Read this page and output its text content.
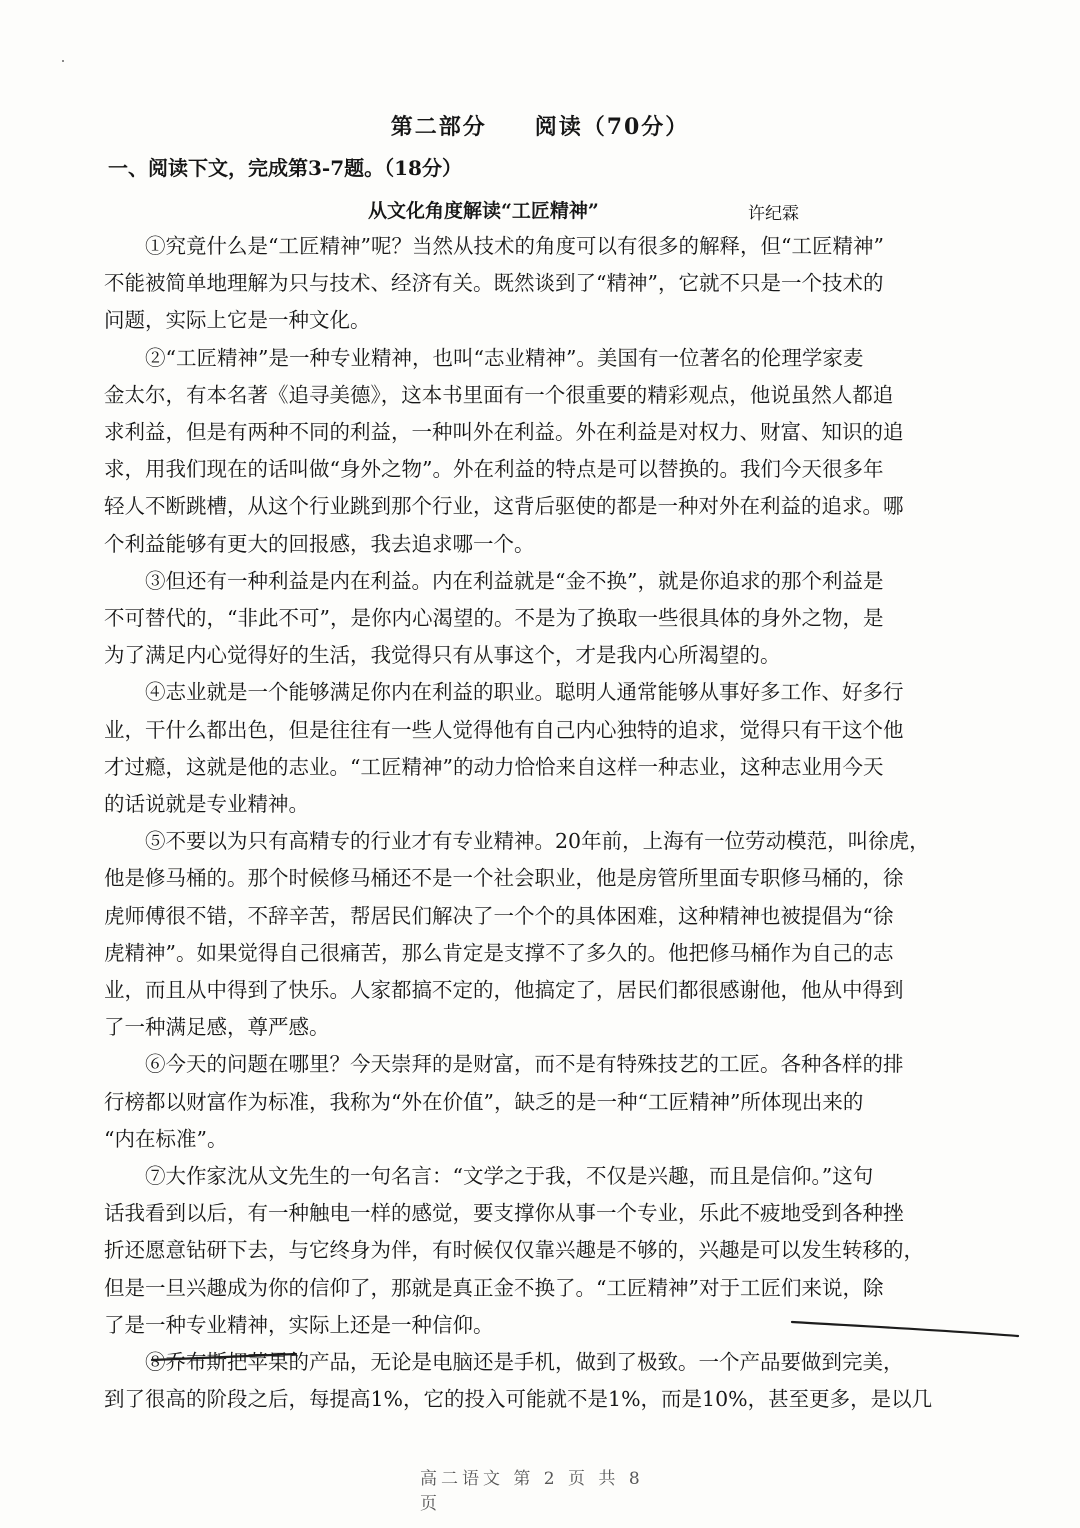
第二部分　　阅读（70分）
一、阅读下文，完成第3-7题。（18分）
从文化角度解读“工匠精神”	许纪霖

①究竟什么是“工匠精神”呢？当然从技术的角度可以有很多的解释，但“工匠精神”
不能被简单地理解为只与技术、经济有关。既然谈到了“精神”，它就不只是一个技术的
问题，实际上它是一种文化。

②“工匠精神”是一种专业精神，也叫“志业精神”。美国有一位著名的伦理学家麦
金太尔，有本名著《追寻美德》，这本书里面有一个很重要的精彩观点，他说虽然人都追
求利益，但是有两种不同的利益，一种叫外在利益。外在利益是对权力、财富、知识的追
求，用我们现在的话叫做“身外之物”。外在利益的特点是可以替换的。我们今天很多年
轻人不断跳槽，从这个行业跳到那个行业，这背后驱使的都是一种对外在利益的追求。哪
个利益能够有更大的回报感，我去追求哪一个。

③但还有一种利益是内在利益。内在利益就是“金不换”，就是你追求的那个利益是
不可替代的，“非此不可”，是你内心渴望的。不是为了换取一些很具体的身外之物，是
为了满足内心觉得好的生活，我觉得只有从事这个，才是我内心所渴望的。

④志业就是一个能够满足你内在利益的职业。聪明人通常能够从事好多工作、好多行
业，干什么都出色，但是往往有一些人觉得他有自己内心独特的追求，觉得只有干这个他
才过瘾，这就是他的志业。“工匠精神”的动力恰恰来自这样一种志业，这种志业用今天
的话说就是专业精神。

⑤不要以为只有高精专的行业才有专业精神。20年前，上海有一位劳动模范，叫徐虎，
他是修马桶的。那个时候修马桶还不是一个社会职业，他是房管所里面专职修马桶的，徐
虎师傅很不错，不辞辛苦，帮居民们解决了一个个的具体困难，这种精神也被提倡为“徐
虎精神”。如果觉得自己很痛苦，那么肯定是支撑不了多久的。他把修马桶作为自己的志
业，而且从中得到了快乐。人家都搞不定的，他搞定了，居民们都很感谢他，他从中得到
了一种满足感，尊严感。

⑥今天的问题在哪里？今天崇拜的是财富，而不是有特殊技艺的工匠。各种各样的排
行榜都以财富作为标准，我称为“外在价值”，缺乏的是一种“工匠精神”所体现出来的
“内在标准”。

⑦大作家沈从文先生的一句名言：“文学之于我，不仅是兴趣，而且是信仰。”这句
话我看到以后，有一种触电一样的感觉，要支撑你从事一个专业，乐此不疲地受到各种挫
折还愿意钻研下去，与它终身为伴，有时候仅仅靠兴趣是不够的，兴趣是可以发生转移的，
但是一旦兴趣成为你的信仰了，那就是真正金不换了。“工匠精神”对于工匠们来说，除
了是一种专业精神，实际上还是一种信仰。

⑧乔布斯把苹果的产品，无论是电脑还是手机，做到了极致。一个产品要做到完美，
到了很高的阶段之后，每提高1%，它的投入可能就不是1%，而是10%，甚至更多，是以几

高二语文 第 2 页 共 8 页
